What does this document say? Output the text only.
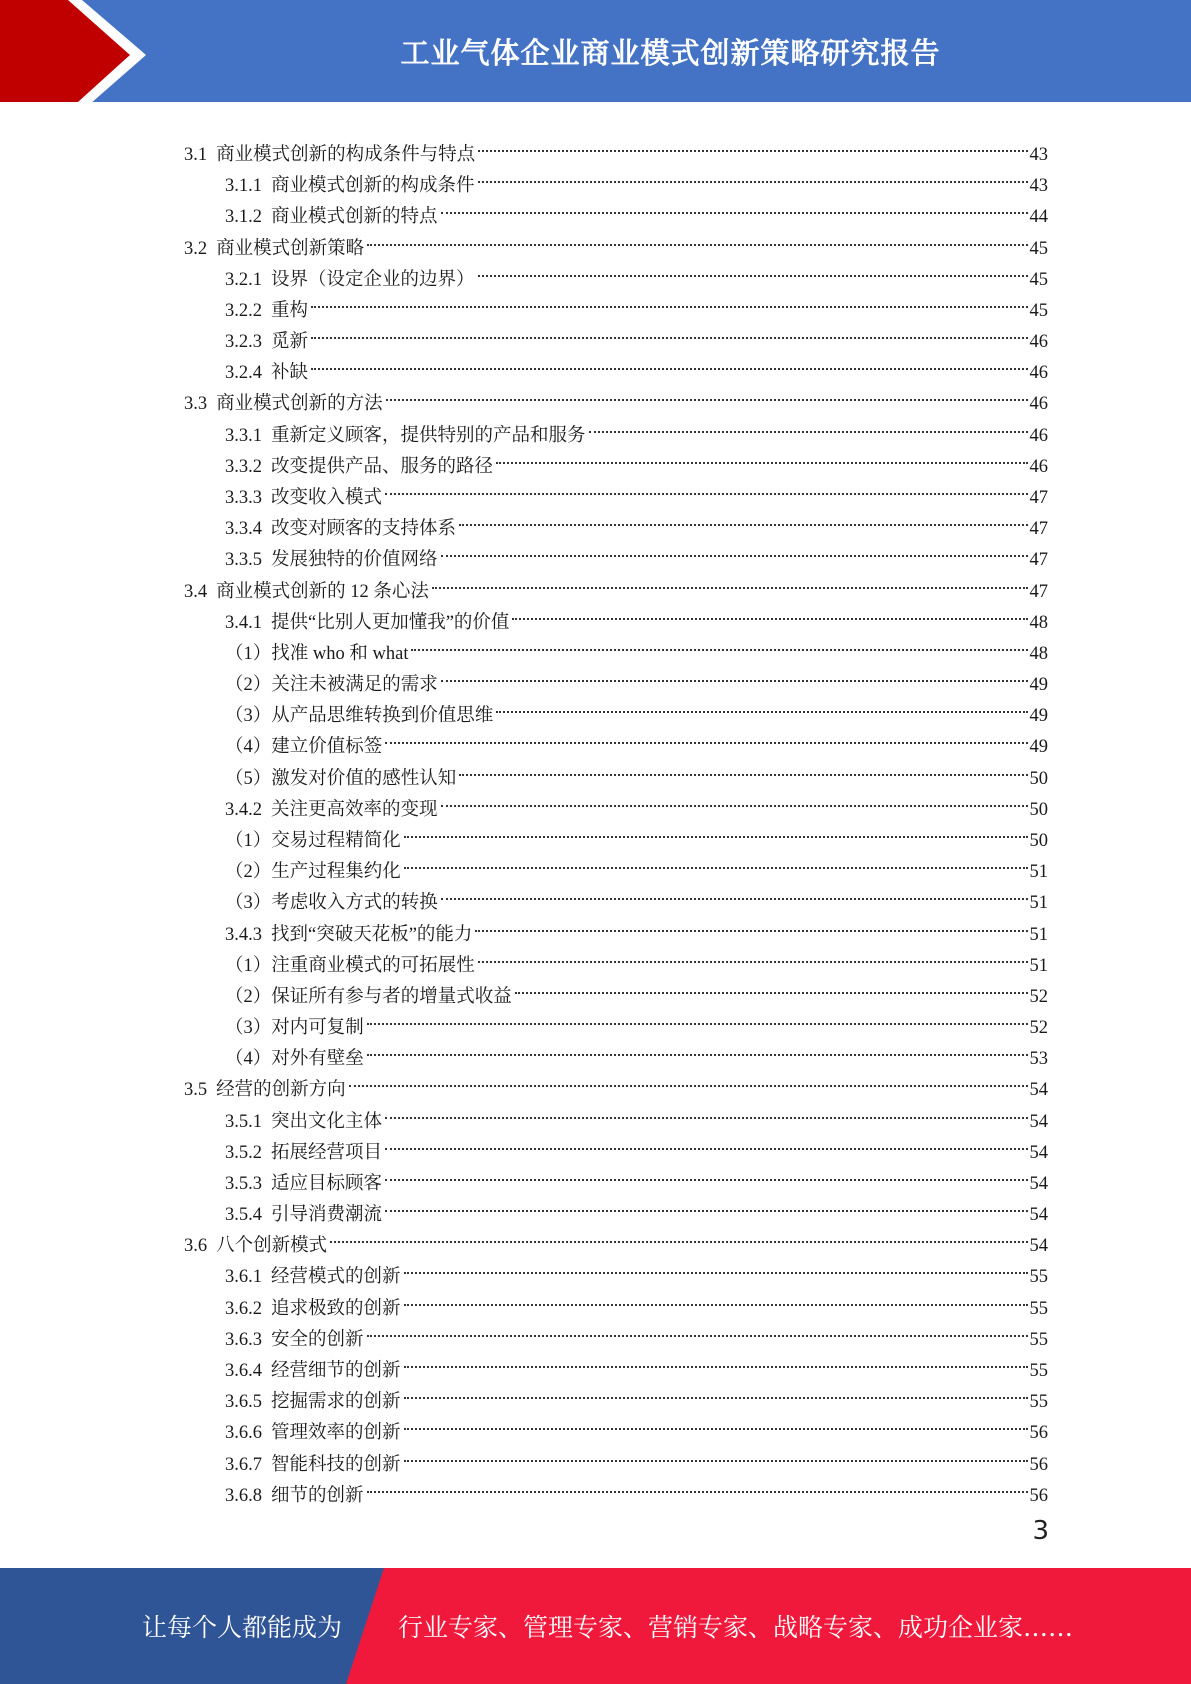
工业气体企业商业模式创新策略研究报告
3.1 商业模式创新的构成条件与特点	43
3.1.1 商业模式创新的构成条件	43
3.1.2 商业模式创新的特点	44
3.2 商业模式创新策略	45
3.2.1 设界（设定企业的边界）	45
3.2.2 重构	45
3.2.3 觅新	46
3.2.4 补缺	46
3.3 商业模式创新的方法	46
3.3.1 重新定义顾客，提供特别的产品和服务	46
3.3.2 改变提供产品、服务的路径	46
3.3.3 改变收入模式	47
3.3.4 改变对顾客的支持体系	47
3.3.5 发展独特的价值网络	47
3.4 商业模式创新的 12 条心法	47
3.4.1 提供“比别人更加懂我”的价值	48
（1） 找准 who 和 what	48
（2） 关注未被满足的需求	49
（3） 从产品思维转换到价值思维	49
（4） 建立价值标签	49
（5） 激发对价值的感性认知	50
3.4.2 关注更高效率的变现	50
（1） 交易过程精简化	50
（2） 生产过程集约化	51
（3） 考虑收入方式的转换	51
3.4.3 找到“突破天花板”的能力	51
（1） 注重商业模式的可拓展性	51
（2） 保证所有参与者的增量式收益	52
（3） 对内可复制	52
（4） 对外有壁垒	53
3.5 经营的创新方向	54
3.5.1 突出文化主体	54
3.5.2 拓展经营项目	54
3.5.3 适应目标顾客	54
3.5.4 引导消费潮流	54
3.6 八个创新模式	54
3.6.1 经营模式的创新	55
3.6.2 追求极致的创新	55
3.6.3 安全的创新	55
3.6.4 经营细节的创新	55
3.6.5 挖掘需求的创新	55
3.6.6 管理效率的创新	56
3.6.7 智能科技的创新	56
3.6.8 细节的创新	56
3
让每个人都能成为 行业专家、管理专家、营销专家、战略专家、成功企业家……
